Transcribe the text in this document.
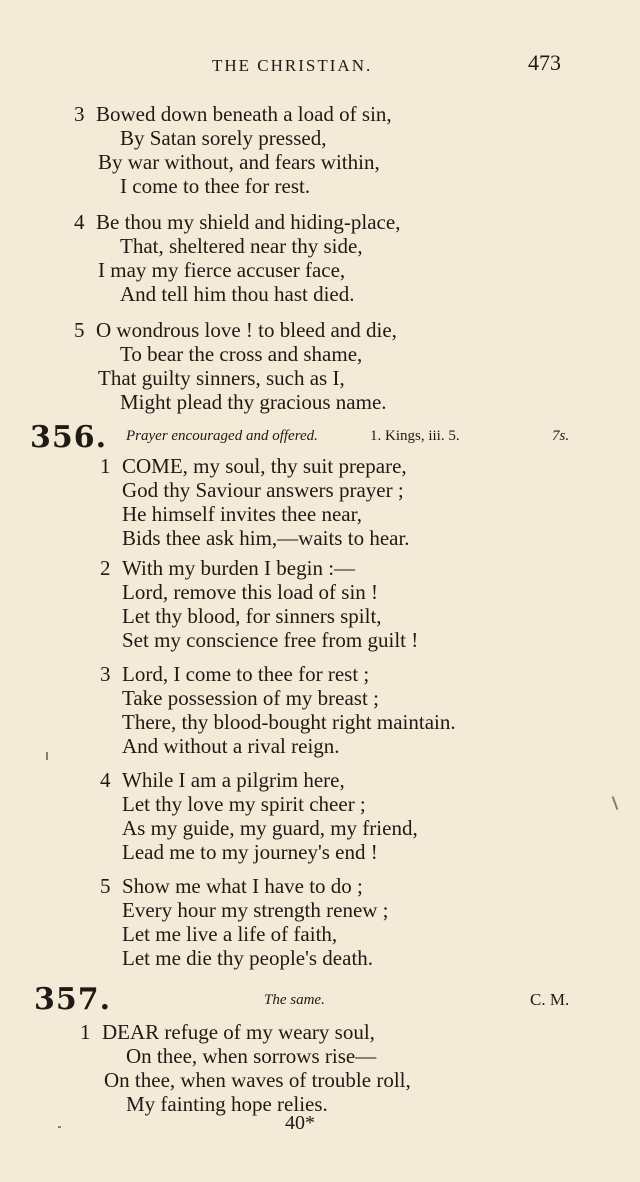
THE CHRISTIAN.	473
3 Bowed down beneath a load of sin,
By Satan sorely pressed,
By war without, and fears within,
I come to thee for rest.
4 Be thou my shield and hiding-place,
That, sheltered near thy side,
I may my fierce accuser face,
And tell him thou hast died.
5 O wondrous love ! to bleed and die,
To bear the cross and shame,
That guilty sinners, such as I,
Might plead thy gracious name.
356. Prayer encouraged and offered.	1. Kings, iii. 5.	7s.
1 COME, my soul, thy suit prepare,
God thy Saviour answers prayer ;
He himself invites thee near,
Bids thee ask him,—waits to hear.
2 With my burden I begin :—
Lord, remove this load of sin !
Let thy blood, for sinners spilt,
Set my conscience free from guilt !
3 Lord, I come to thee for rest ;
Take possession of my breast ;
There, thy blood-bought right maintain.
And without a rival reign.
4 While I am a pilgrim here,
Let thy love my spirit cheer ;
As my guide, my guard, my friend,
Lead me to my journey's end !
5 Show me what I have to do ;
Every hour my strength renew ;
Let me live a life of faith,
Let me die thy people's death.
357.	The same.	C. M.
1 DEAR refuge of my weary soul,
On thee, when sorrows rise—
On thee, when waves of trouble roll,
My fainting hope relies.
40*
